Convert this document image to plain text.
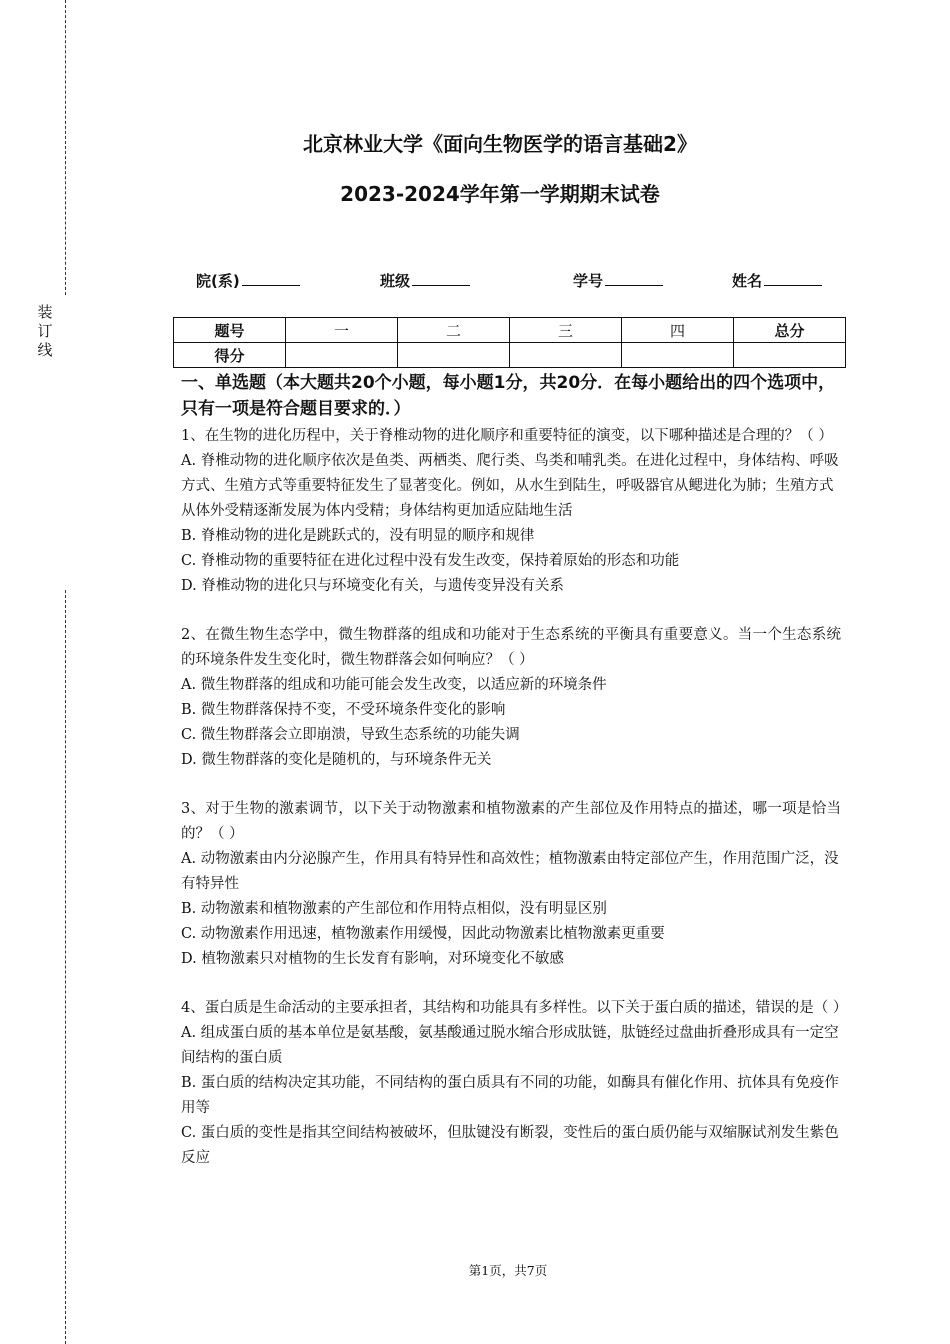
装
订
线
北京林业大学《面向生物医学的语言基础2》
2023-2024学年第一学期期末试卷
院(系)	班级	学号	姓名
题号	一	二	三	四	总分
得分					

一、单选题（本大题共20个小题，每小题1分，共20分．在每小题给出的四个选项中，只有一项是符合题目要求的．）

1、在生物的进化历程中，关于脊椎动物的进化顺序和重要特征的演变，以下哪种描述是合理的？（ ）

A. 脊椎动物的进化顺序依次是鱼类、两栖类、爬行类、鸟类和哺乳类。在进化过程中，身体结构、呼吸方式、生殖方式等重要特征发生了显著变化。例如，从水生到陆生，呼吸器官从鳃进化为肺；生殖方式从体外受精逐渐发展为体内受精；身体结构更加适应陆地生活

B. 脊椎动物的进化是跳跃式的，没有明显的顺序和规律

C. 脊椎动物的重要特征在进化过程中没有发生改变，保持着原始的形态和功能

D. 脊椎动物的进化只与环境变化有关，与遗传变异没有关系

2、在微生物生态学中，微生物群落的组成和功能对于生态系统的平衡具有重要意义。当一个生态系统的环境条件发生变化时，微生物群落会如何响应？（ ）

A. 微生物群落的组成和功能可能会发生改变，以适应新的环境条件

B. 微生物群落保持不变，不受环境条件变化的影响

C. 微生物群落会立即崩溃，导致生态系统的功能失调

D. 微生物群落的变化是随机的，与环境条件无关

3、对于生物的激素调节，以下关于动物激素和植物激素的产生部位及作用特点的描述，哪一项是恰当的？（ ）

A. 动物激素由内分泌腺产生，作用具有特异性和高效性；植物激素由特定部位产生，作用范围广泛，没有特异性

B. 动物激素和植物激素的产生部位和作用特点相似，没有明显区别

C. 动物激素作用迅速，植物激素作用缓慢，因此动物激素比植物激素更重要

D. 植物激素只对植物的生长发育有影响，对环境变化不敏感

4、蛋白质是生命活动的主要承担者，其结构和功能具有多样性。以下关于蛋白质的描述，错误的是（ ）

A. 组成蛋白质的基本单位是氨基酸，氨基酸通过脱水缩合形成肽链，肽链经过盘曲折叠形成具有一定空间结构的蛋白质

B. 蛋白质的结构决定其功能，不同结构的蛋白质具有不同的功能，如酶具有催化作用、抗体具有免疫作用等

C. 蛋白质的变性是指其空间结构被破坏，但肽键没有断裂，变性后的蛋白质仍能与双缩脲试剂发生紫色反应

第1页，共7页
